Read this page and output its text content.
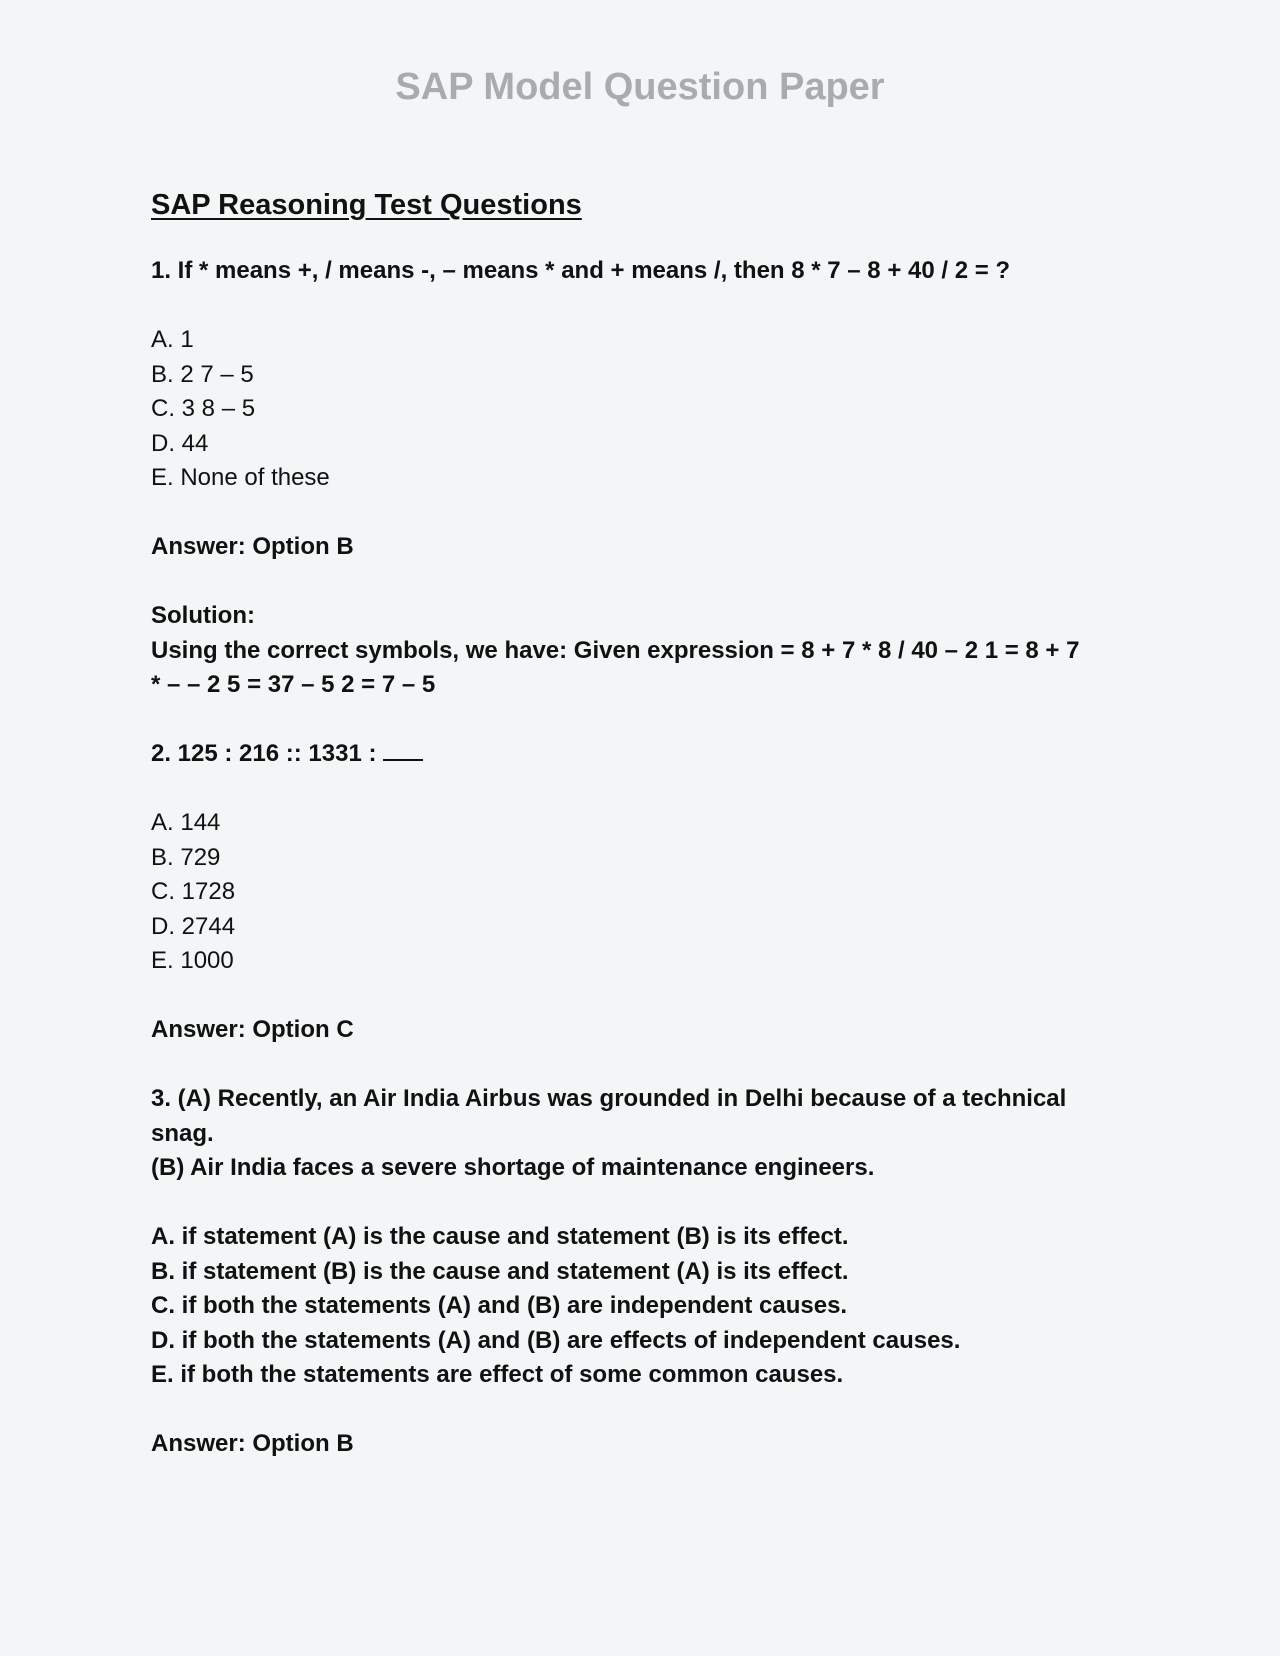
SAP Model Question Paper
SAP Reasoning Test Questions

1. If * means +, / means -, – means * and + means /, then 8 * 7 – 8 + 40 / 2 = ?

A. 1

B. 2 7 – 5

C. 3 8 – 5

D. 44

E. None of these

Answer: Option B

Solution:

Using the correct symbols, we have: Given expression = 8 + 7 * 8 / 40 – 2 1 = 8 + 7

* – – 2 5 = 37 – 5 2 = 7 – 5

2. 125 : 216 :: 1331 :

A. 144

B. 729

C. 1728

D. 2744

E. 1000

Answer: Option C

3. (A) Recently, an Air India Airbus was grounded in Delhi because of a technical

snag.

(B) Air India faces a severe shortage of maintenance engineers.

A. if statement (A) is the cause and statement (B) is its effect.

B. if statement (B) is the cause and statement (A) is its effect.

C. if both the statements (A) and (B) are independent causes.

D. if both the statements (A) and (B) are effects of independent causes.

E. if both the statements are effect of some common causes.

Answer: Option B
